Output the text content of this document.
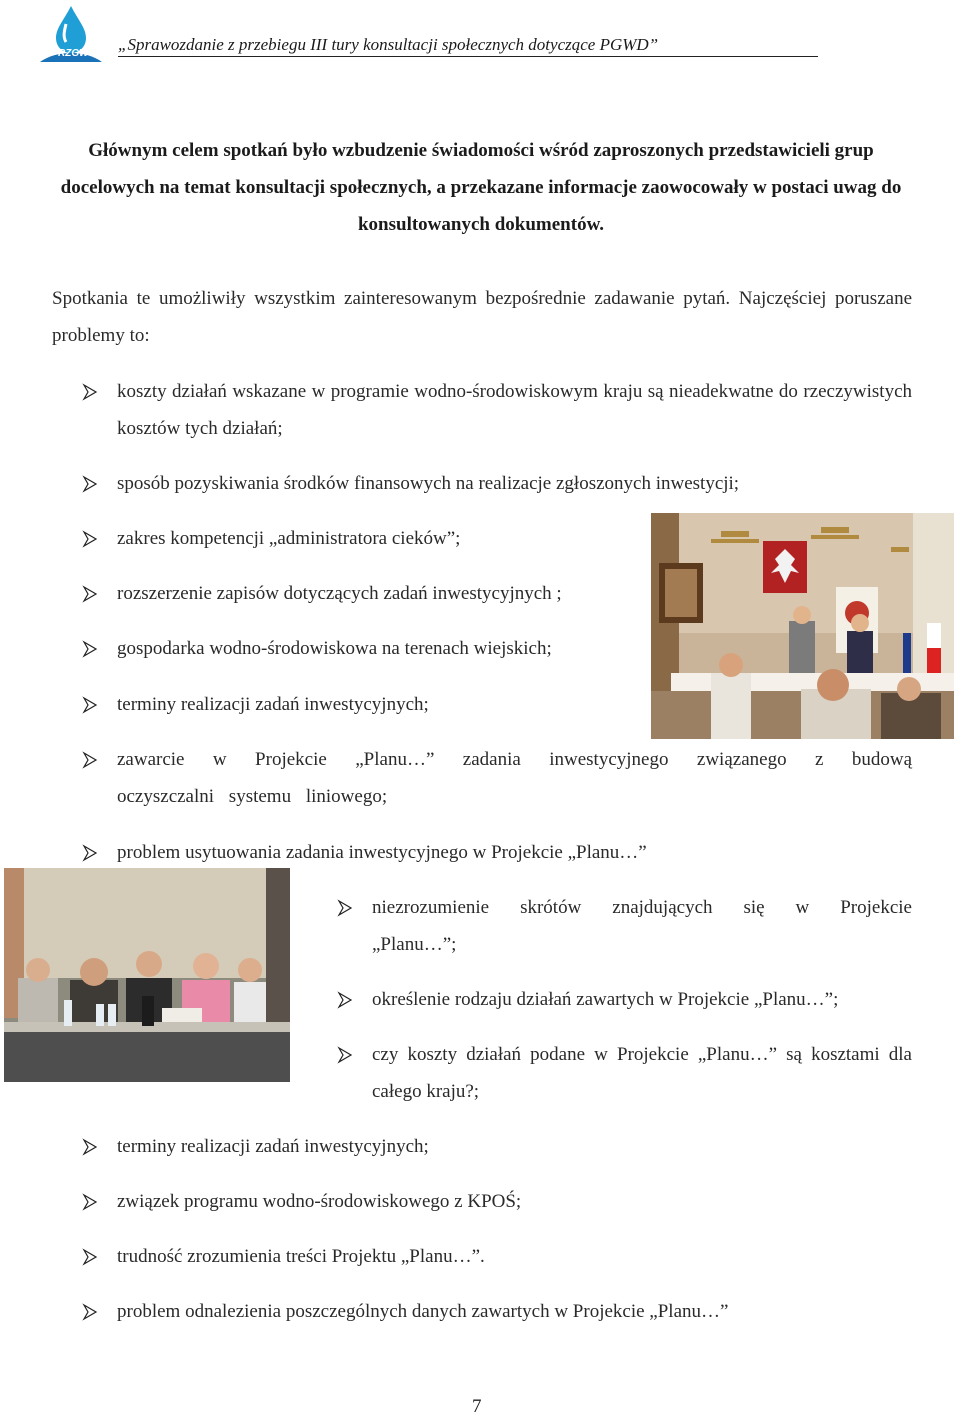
RZGW „Sprawozdanie z przebiegu III tury konsultacji społecznych dotyczące PGWD”
Głównym celem spotkań było wzbudzenie świadomości wśród zaproszonych przedstawicieli grup docelowych na temat konsultacji społecznych, a przekazane informacje zaowocowały w postaci uwag do konsultowanych dokumentów.
Spotkania te umożliwiły wszystkim zainteresowanym bezpośrednie zadawanie pytań. Najczęściej poruszane problemy to:
koszty działań wskazane w programie wodno-środowiskowym kraju są nieadekwatne do rzeczywistych kosztów tych działań;
sposób pozyskiwania środków finansowych na realizacje zgłoszonych inwestycji;
zakres kompetencji „administratora cieków”;
rozszerzenie zapisów dotyczących zadań inwestycyjnych ;
gospodarka wodno-środowiskowa na terenach wiejskich;
terminy realizacji zadań inwestycyjnych;
zawarcie w Projekcie „Planu…” zadania inwestycyjnego związanego z budową oczyszczalni systemu liniowego;
problem usytuowania zadania inwestycyjnego w Projekcie „Planu…”
niezrozumienie skrótów znajdujących się w Projekcie „Planu…”;
określenie rodzaju działań zawartych w Projekcie „Planu…”;
czy koszty działań podane w Projekcie „Planu…” są kosztami dla całego kraju?;
terminy realizacji zadań inwestycyjnych;
związek programu wodno-środowiskowego z KPOŚ;
trudność zrozumienia treści Projektu „Planu…”.
problem odnalezienia poszczególnych danych zawartych w Projekcie „Planu…”
7
